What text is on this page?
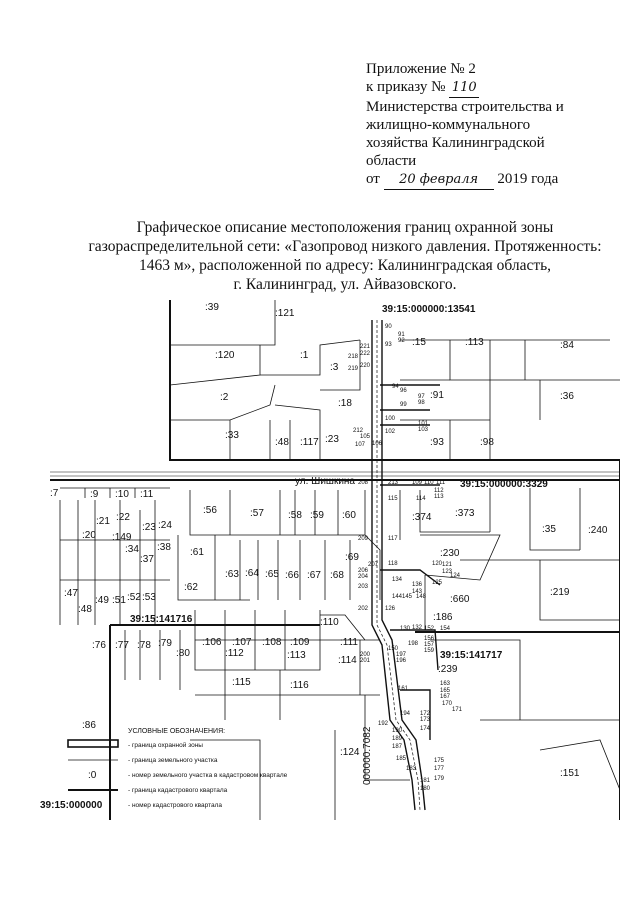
Приложение № 2
к приказу № 110
Министерства строительства и
жилищно-коммунального
хозяйства Калининградской
области
от 20 февраля 2019 года
Графическое описание местоположения границ охранной зоны
газораспределительной сети: «Газопровод низкого давления. Протяженность:
1463 м», расположенной по адресу: Калининградская область,
г. Калининград, ул. Айвазовского.
ул. Шишкина
39:15:000000:13541
39:15:000000:3329
39:15:141716
39:15:141717
000000:7082
:39
:121
:120	:1
:3
:15	:113	:84
:2
:18
:91	:36
:33
:48 :117 :23	:93	:98
:7	:9 :10 :11
:56	:57 :58 :59 :60	:374 :373
:35	:240
:21 :22
:149
:23 :24
:20
:34
:37
:38 :61	:69	:230
:63 :64 :65 :66 :67 :68
:49 :51 :52 :53
:47
:48
:62	:219
:660
:186
:106 :107 :108 :109
:110
:111
:76 :77 :78 :79
:80	:112	:113	:114
:115	:116
:239
:86
:124
:151
90
91
92
93
221
222
218
220
219
94
96
97
98
99
100
101
103
102
105
106
107
212
213 109 110 111
112
113
114
115
117
118	120 121
123
124
125
126
130 132
134
136
143
144 145 148
150
152 154
156
157
159
161
163
165
167
170
171
172
173
174
175
177
179
180
181
183
185
187
189
190
192
194
196
197
198
200
201
202
203
204
206
207
208
209
УСЛОВНЫЕ ОБОЗНАЧЕНИЯ:
:0
39:15:000000
- граница охранной зоны
- граница земельного участка
- номер земельного участка в кадастровом квартале
- граница кадастрового квартала
- номер кадастрового квартала
